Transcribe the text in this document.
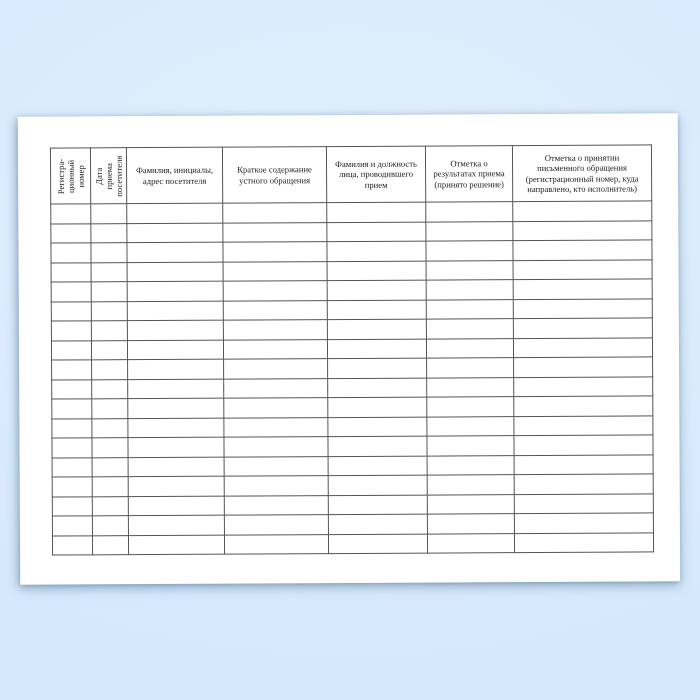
Регистра-
ционный
номер	Дата
приема
посетителя	Фамилия, инициалы,
адрес посетителя	Краткое содержание
устного обращения	Фамилия и должность
лица, проводившего
прием	Отметка о
результатах приема
(принято решение)	Отметка о принятии
письменного обращения
(регистрационный номер, куда
направлено, кто исполнитель)
